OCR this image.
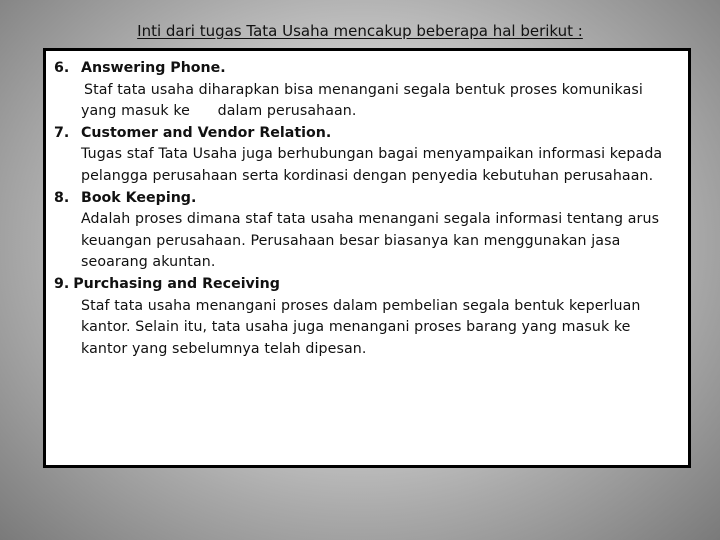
Inti dari tugas Tata Usaha mencakup beberapa hal berikut :
6. Answering Phone.
Staf tata usaha diharapkan bisa menangani segala bentuk proses komunikasi yang masuk ke      dalam perusahaan.
7. Customer and Vendor Relation.
Tugas staf Tata Usaha juga berhubungan bagai menyampaikan informasi kepada pelangga perusahaan serta kordinasi dengan penyedia kebutuhan perusahaan.
8. Book Keeping.
Adalah proses dimana staf tata usaha menangani segala informasi tentang arus keuangan perusahaan. Perusahaan besar biasanya kan menggunakan jasa seoarang akuntan.
9. Purchasing and Receiving
Staf tata usaha menangani proses dalam pembelian segala bentuk keperluan kantor. Selain itu, tata usaha juga menangani proses barang yang masuk ke kantor yang sebelumnya telah dipesan.
